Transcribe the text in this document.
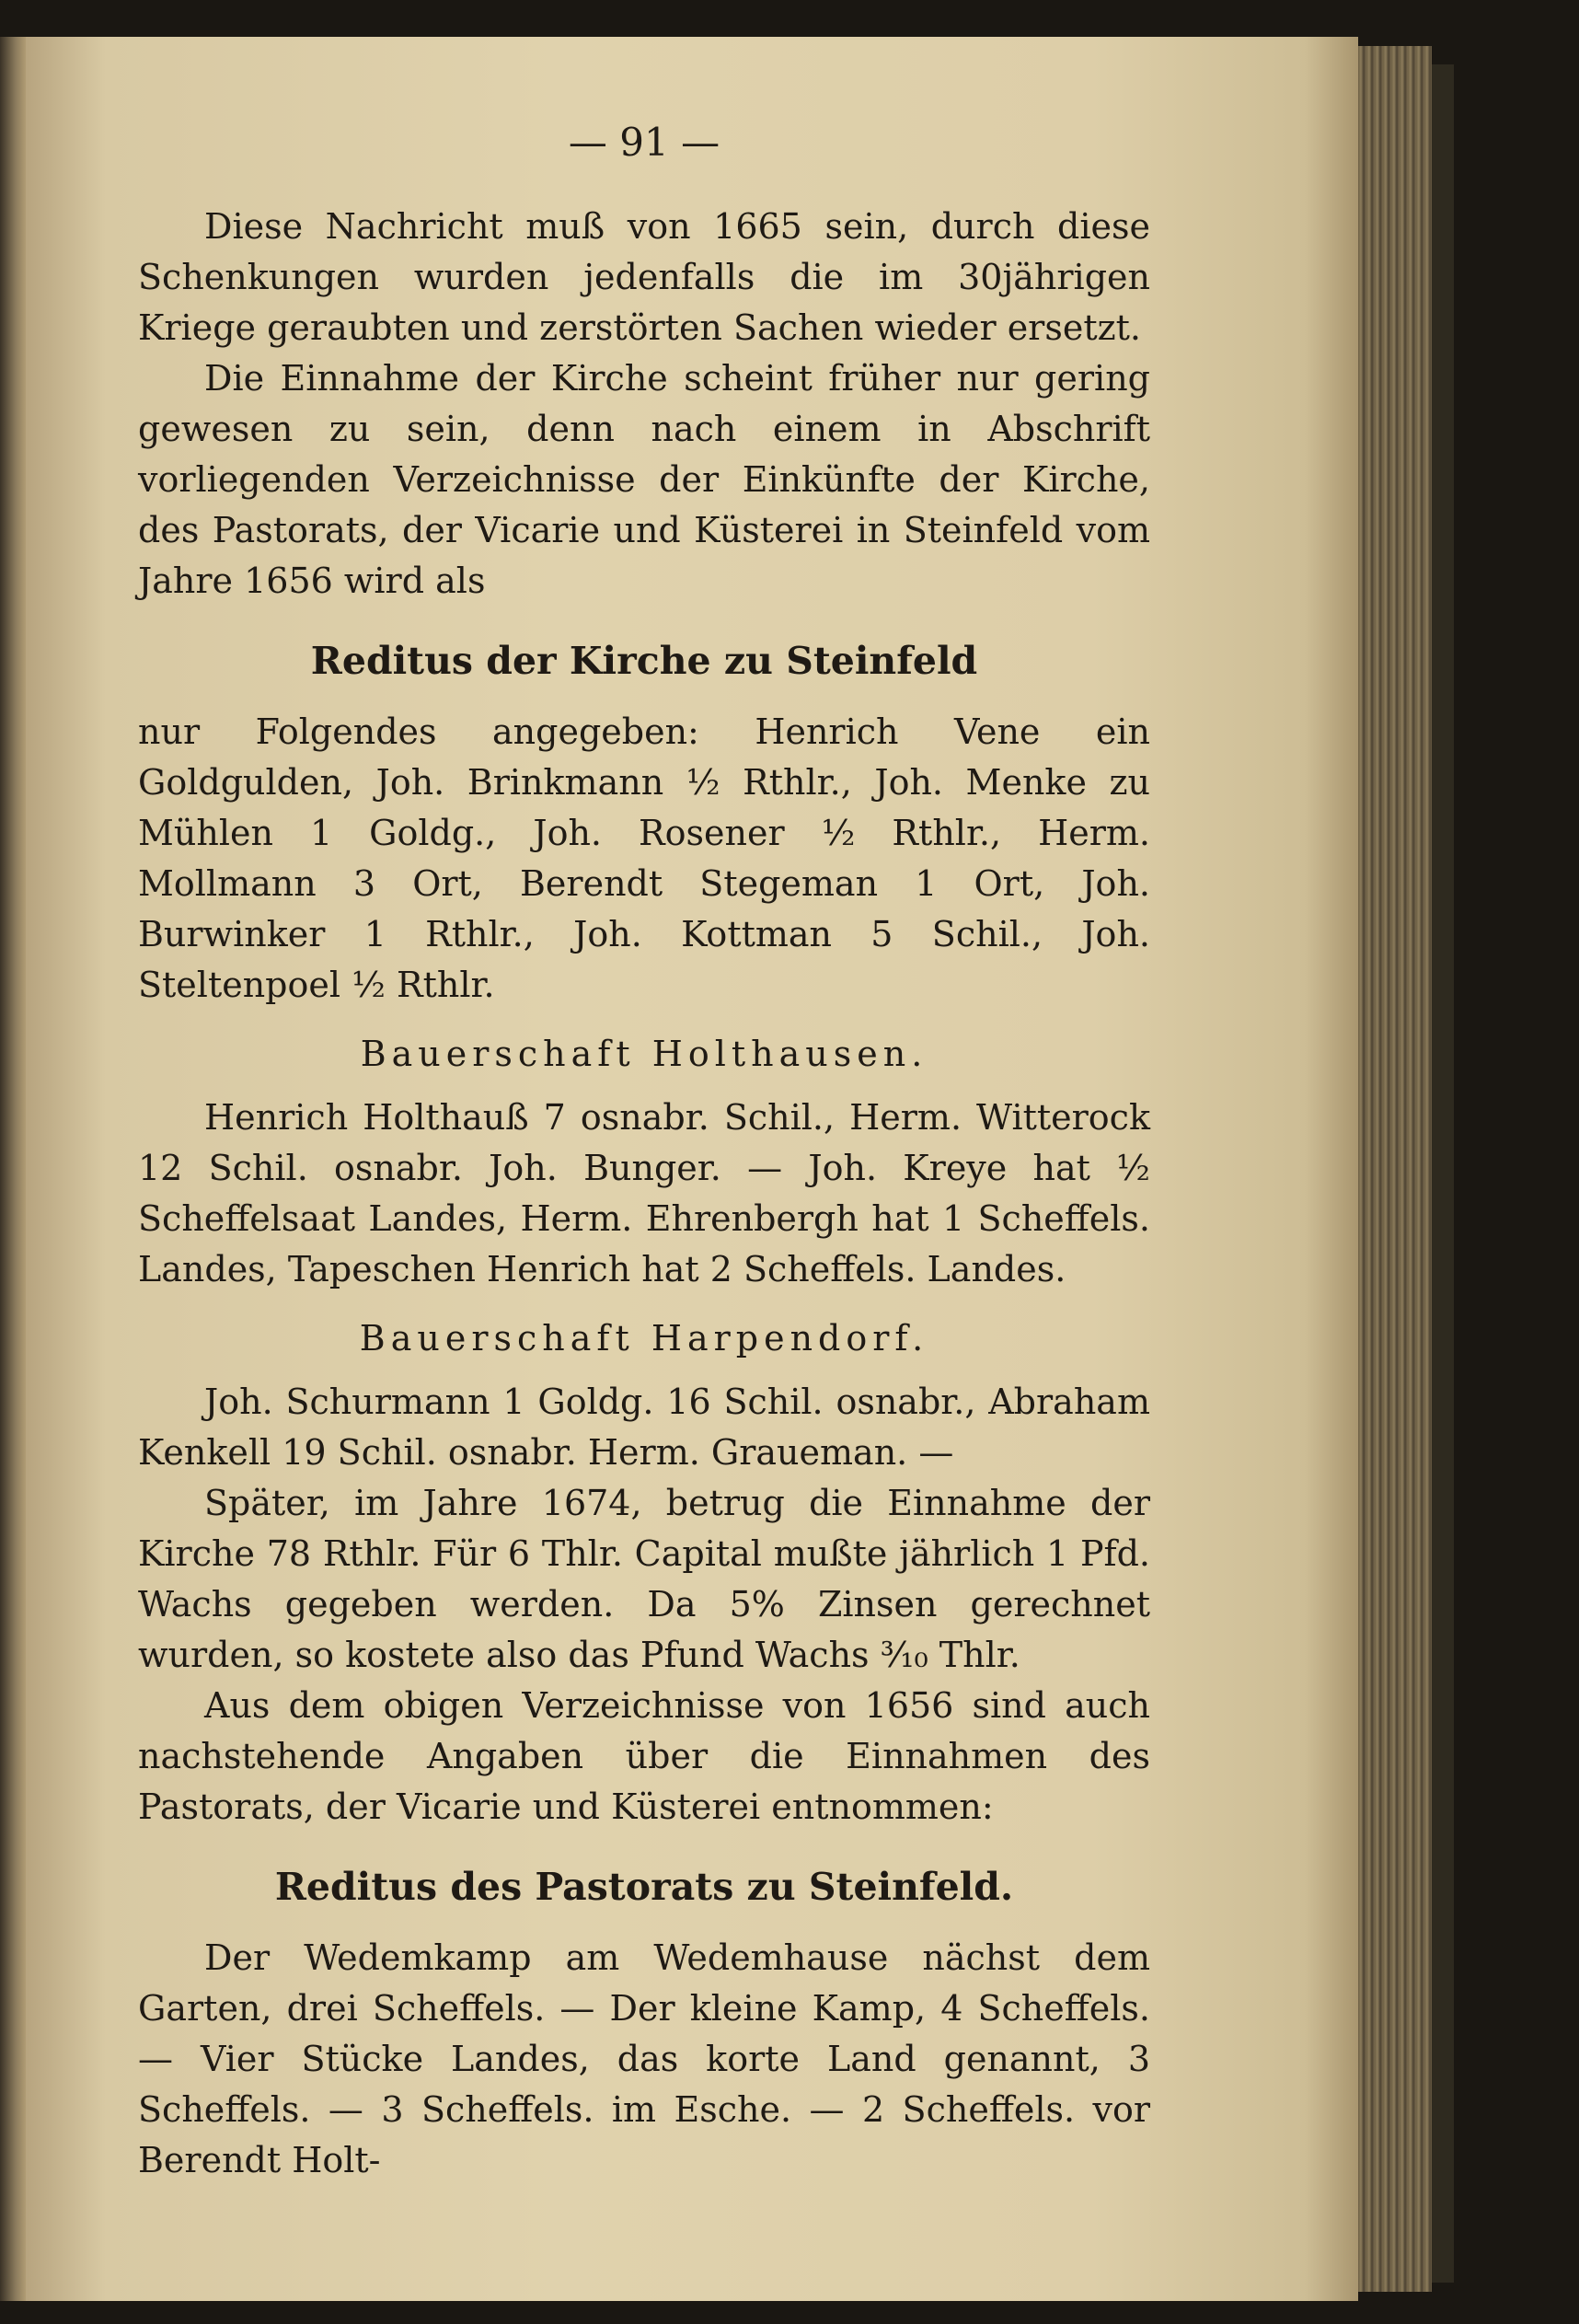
— 91 —

Diese Nachricht muß von 1665 sein, durch diese Schenkungen wurden jedenfalls die im 30jährigen Kriege geraubten und zerstörten Sachen wieder ersetzt.

Die Einnahme der Kirche scheint früher nur gering gewesen zu sein, denn nach einem in Abschrift vorliegenden Verzeichnisse der Einkünfte der Kirche, des Pastorats, der Vicarie und Küsterei in Steinfeld vom Jahre 1656 wird als

Reditus der Kirche zu Steinfeld

nur Folgendes angegeben: Henrich Vene ein Goldgulden, Joh. Brinkmann ½ Rthlr., Joh. Menke zu Mühlen 1 Goldg., Joh. Rosener ½ Rthlr., Herm. Mollmann 3 Ort, Berendt Stegeman 1 Ort, Joh. Burwinker 1 Rthlr., Joh. Kottman 5 Schil., Joh. Steltenpoel ½ Rthlr.

Bauerschaft Holthausen.

Henrich Holthauß 7 osnabr. Schil., Herm. Witterock 12 Schil. osnabr. Joh. Bunger. — Joh. Kreye hat ½ Scheffelsaat Landes, Herm. Ehrenbergh hat 1 Scheffels. Landes, Tapeschen Henrich hat 2 Scheffels. Landes.

Bauerschaft Harpendorf.

Joh. Schurmann 1 Goldg. 16 Schil. osnabr., Abraham Kenkell 19 Schil. osnabr. Herm. Graueman. —

Später, im Jahre 1674, betrug die Einnahme der Kirche 78 Rthlr. Für 6 Thlr. Capital mußte jährlich 1 Pfd. Wachs gegeben werden. Da 5% Zinsen gerechnet wurden, so kostete also das Pfund Wachs ³⁄₁₀ Thlr.

Aus dem obigen Verzeichnisse von 1656 sind auch nachstehende Angaben über die Einnahmen des Pastorats, der Vicarie und Küsterei entnommen:

Reditus des Pastorats zu Steinfeld.

Der Wedemkamp am Wedemhause nächst dem Garten, drei Scheffels. — Der kleine Kamp, 4 Scheffels. — Vier Stücke Landes, das korte Land genannt, 3 Scheffels. — 3 Scheffels. im Esche. — 2 Scheffels. vor Berendt Holt-
